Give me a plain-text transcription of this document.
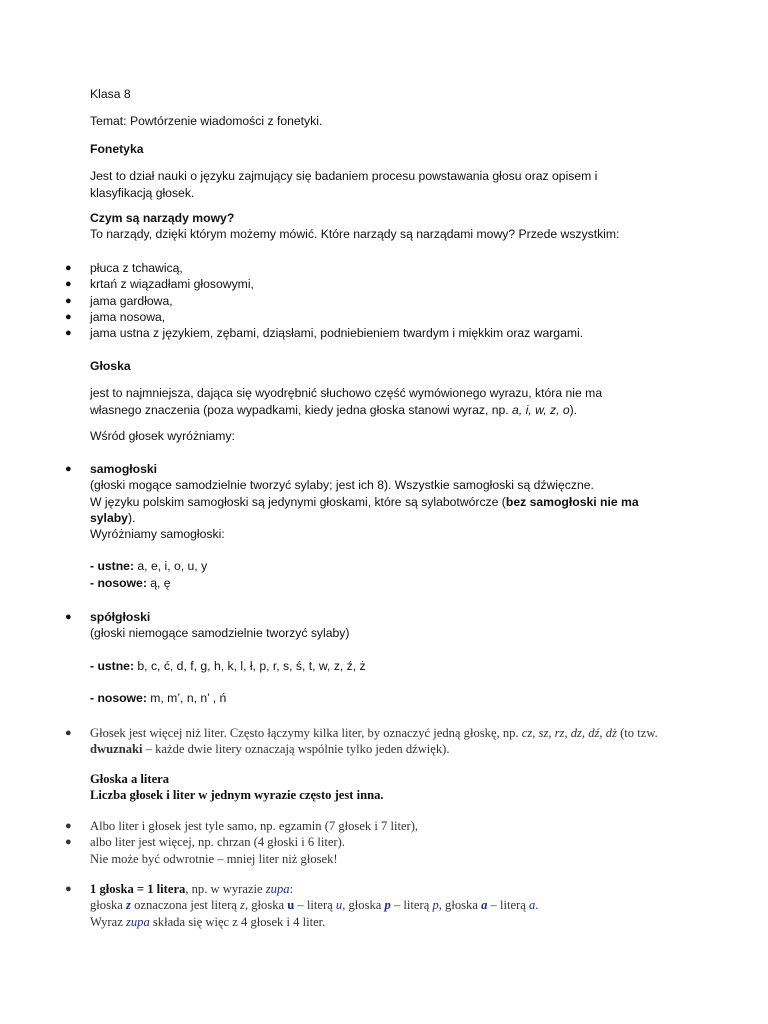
Klasa 8
Temat: Powtórzenie wiadomości z fonetyki.
Fonetyka
Jest to dział nauki o języku zajmujący się badaniem procesu powstawania głosu oraz opisem i klasyfikacją głosek.
Czym są narządy mowy?
To narządy, dzięki którym możemy mówić. Które narządy są narządami mowy? Przede wszystkim:
● płuca z tchawicą,
● krtań z wiązadłami głosowymi,
● jama gardłowa,
● jama nosowa,
● jama ustna z językiem, zębami, dziąsłami, podniebieniem twardym i miękkim oraz wargami.
Głoska
jest to najmniejsza, dająca się wyodrębnić słuchowo część wymówionego wyrazu, która nie ma własnego znaczenia (poza wypadkami, kiedy jedna głoska stanowi wyraz, np. a, i, w, z, o).
Wśród głosek wyróżniamy:
● samogłoski
(głoski mogące samodzielnie tworzyć sylaby; jest ich 8). Wszystkie samogłoski są dźwięczne.
W języku polskim samogłoski są jedynymi głoskami, które są sylabotwórcze (bez samogłoski nie ma sylaby).
Wyróżniamy samogłoski:
- ustne: a, e, i, o, u, y
- nosowe: ą, ę
● spółgłoski
(głoski niemogące samodzielnie tworzyć sylaby)
- ustne: b, c, ć, d, f, g, h, k, l, ł, p, r, s, ś, t, w, z, ź, ż
- nosowe: m, m’, n, n’ , ń
● Głosek jest więcej niż liter. Często łączymy kilka liter, by oznaczyć jedną głoskę, np. cz, sz, rz, dz, dź, dż (to tzw. dwuznaki – każde dwie litery oznaczają wspólnie tylko jeden dźwięk).
Głoska a litera
Liczba głosek i liter w jednym wyrazie często jest inna.
● Albo liter i głosek jest tyle samo, np. egzamin (7 głosek i 7 liter),
● albo liter jest więcej, np. chrzan (4 głoski i 6 liter).
Nie może być odwrotnie – mniej liter niż głosek!
● 1 głoska = 1 litera, np. w wyrazie zupa:
głoska z oznaczona jest literą z, głoska u – literą u, głoska p – literą p, głoska a – literą a.
Wyraz zupa składa się więc z 4 głosek i 4 liter.
